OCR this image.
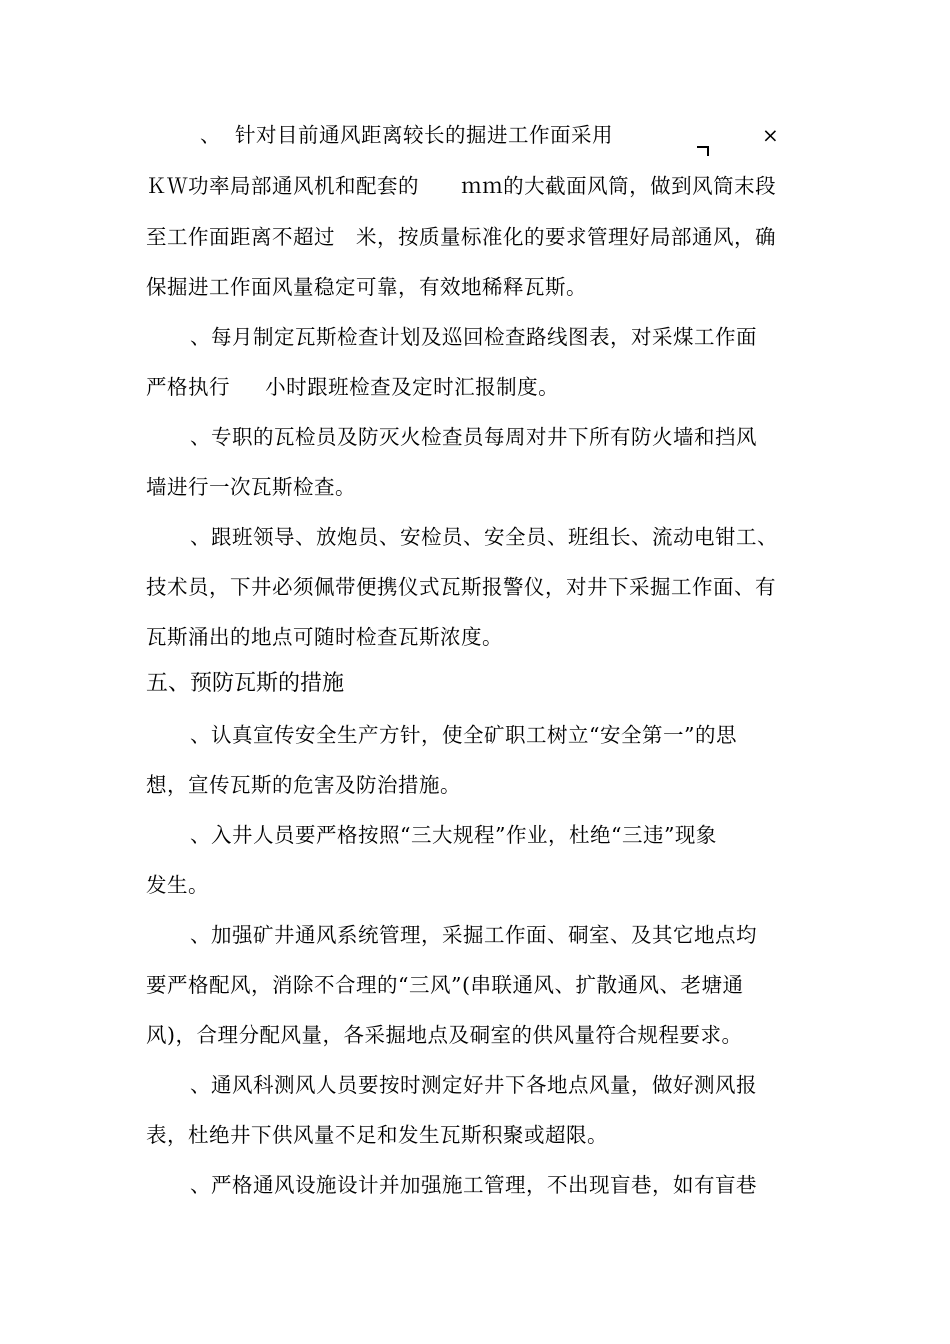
、  针对目前通风距离较长的掘进工作面采用	×
ＫＷ功率局部通风机和配套的      ｍｍ的大截面风筒，做到风筒末段
至工作面距离不超过   米，按质量标准化的要求管理好局部通风，确
保掘进工作面风量稳定可靠，有效地稀释瓦斯。
、每月制定瓦斯检查计划及巡回检查路线图表，对采煤工作面
严格执行     小时跟班检查及定时汇报制度。
、专职的瓦检员及防灭火检查员每周对井下所有防火墙和挡风
墙进行一次瓦斯检查。
、跟班领导、放炮员、安检员、安全员、班组长、流动电钳工、
技术员，下井必须佩带便携仪式瓦斯报警仪，对井下采掘工作面、有
瓦斯涌出的地点可随时检查瓦斯浓度。
五、预防瓦斯的措施
、认真宣传安全生产方针，使全矿职工树立“安全第一”的思
想，宣传瓦斯的危害及防治措施。
、入井人员要严格按照“三大规程”作业，杜绝“三违”现象
发生。
、加强矿井通风系统管理，采掘工作面、硐室、及其它地点均
要严格配风，消除不合理的“三风”(串联通风、扩散通风、老塘通
风)，合理分配风量，各采掘地点及硐室的供风量符合规程要求。
、通风科测风人员要按时测定好井下各地点风量，做好测风报
表，杜绝井下供风量不足和发生瓦斯积聚或超限。
、严格通风设施设计并加强施工管理，不出现盲巷，如有盲巷
